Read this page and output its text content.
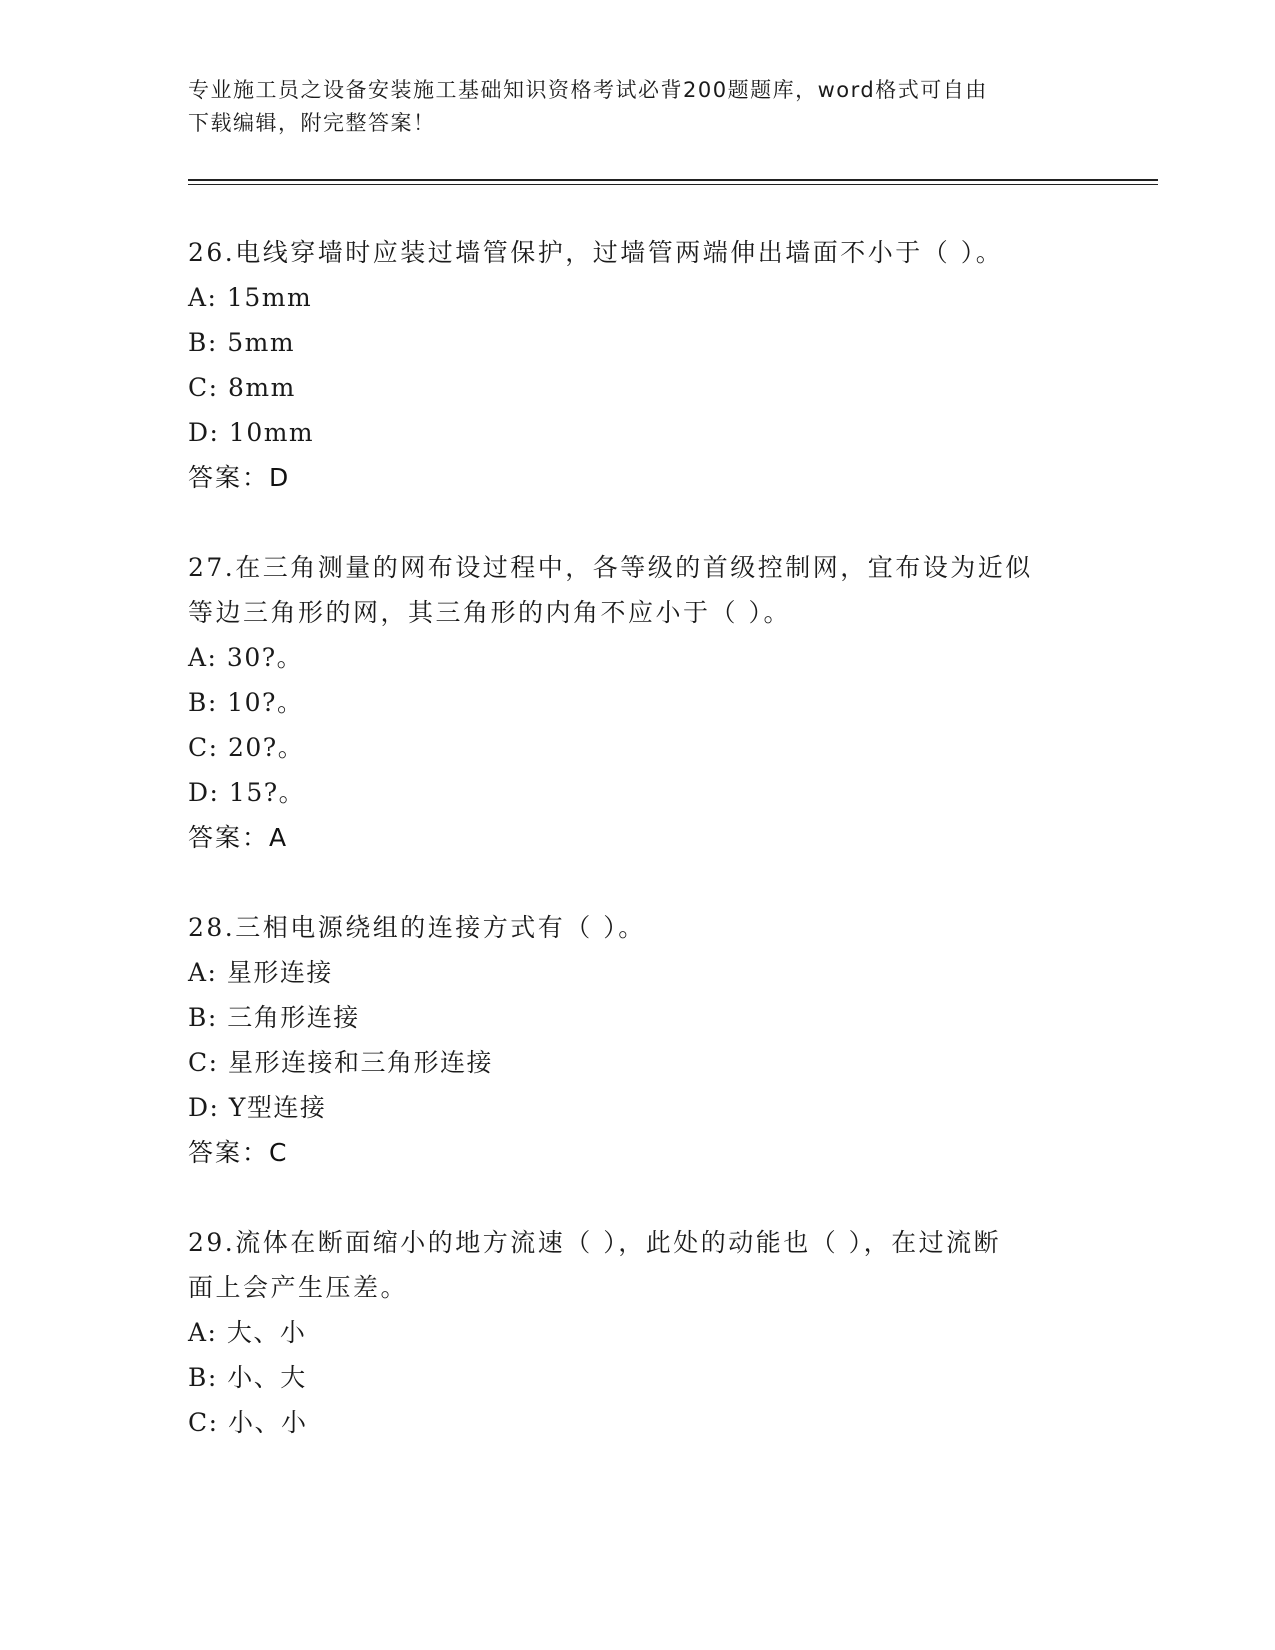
专业施工员之设备安装施工基础知识资格考试必背200题题库，word格式可自由
下载编辑，附完整答案！

26.电线穿墙时应装过墙管保护，过墙管两端伸出墙面不小于（ ）。

A: 15mm

B: 5mm

C: 8mm

D: 10mm

答案：D

27.在三角测量的网布设过程中，各等级的首级控制网，宜布设为近似

等边三角形的网，其三角形的内角不应小于（ ）。

A: 30?。

B: 10?。

C: 20?。

D: 15?。

答案：A

28.三相电源绕组的连接方式有（ ）。

A: 星形连接

B: 三角形连接

C: 星形连接和三角形连接

D: Y型连接

答案：C

29.流体在断面缩小的地方流速（ ），此处的动能也（ ），在过流断

面上会产生压差。

A: 大、小

B: 小、大

C: 小、小
